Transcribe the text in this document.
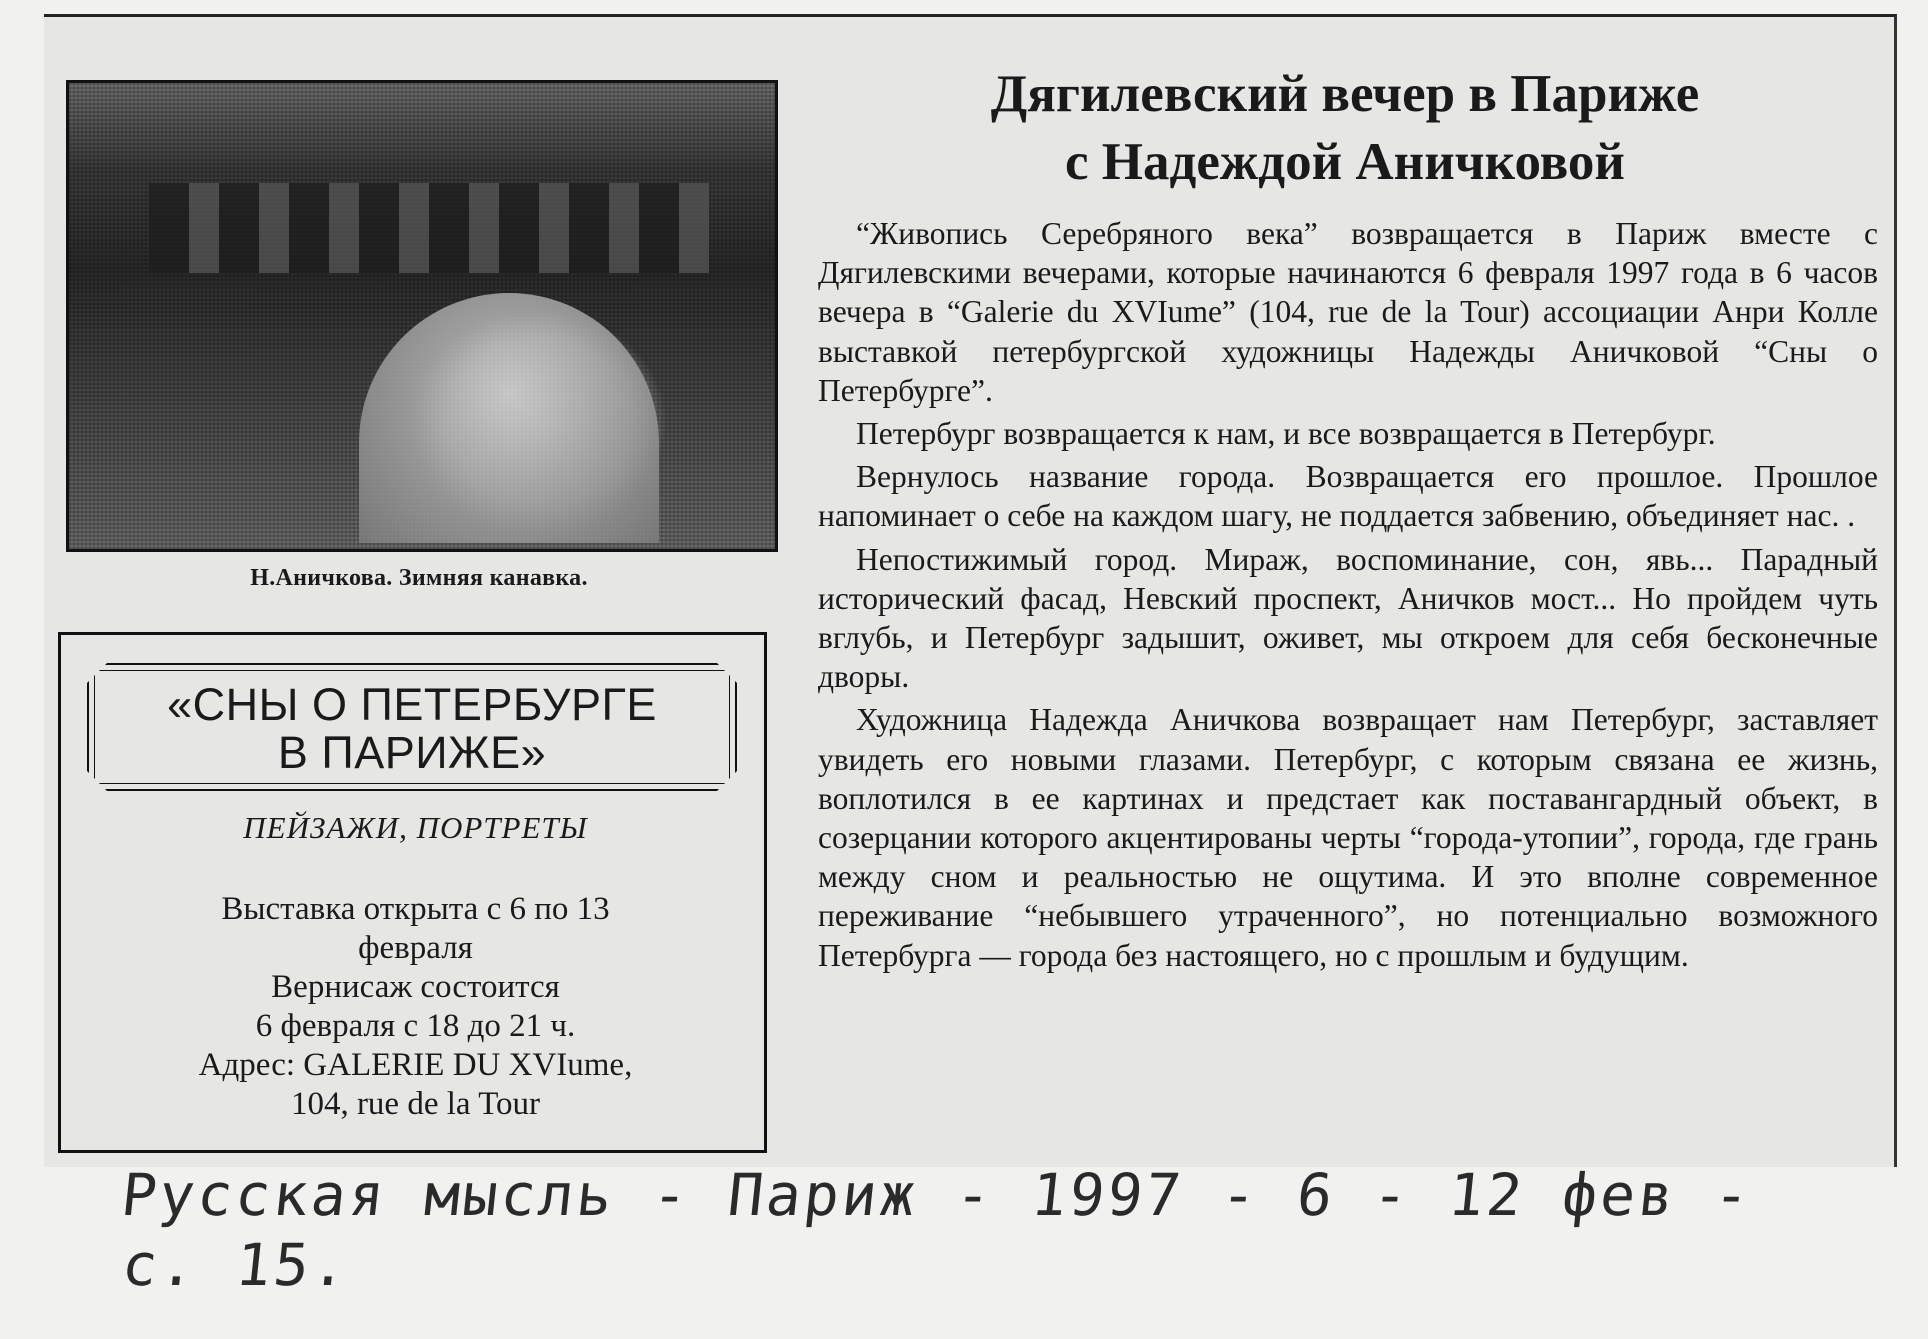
Н.Аничкова. Зимняя канавка.
«СНЫ О ПЕТЕРБУРГЕ
В ПАРИЖЕ»
ПЕЙЗАЖИ, ПОРТРЕТЫ
Выставка открыта с 6 по 13
февраля
Вернисаж состоится
6 февраля с 18 до 21 ч.
Адрес: GALERIE DU XVIume,
104, rue de la Tour
Дягилевский вечер в Париже
с Надеждой Аничковой

“Живопись Серебряного века” возвращается в Париж вместе с Дягилевскими вечерами, которые начинаются 6 февраля 1997 года в 6 часов вечера в “Galerie du XVIume” (104, rue de la Tour) ассоциации Анри Колле выставкой петербургской художницы Надежды Аничковой “Сны о Петербурге”.

Петербург возвращается к нам, и все возвращается в Петербург.

Вернулось название города. Возвращается его прошлое. Прошлое напоминает о себе на каждом шагу, не поддается забвению, объединяет нас. .

Непостижимый город. Мираж, воспоминание, сон, явь... Парадный исторический фасад, Невский проспект, Аничков мост... Но пройдем чуть вглубь, и Петербург задышит, оживет, мы откроем для себя бесконечные дворы.

Художница Надежда Аничкова возвращает нам Петербург, заставляет увидеть его новыми глазами. Петербург, с которым связана ее жизнь, воплотился в ее картинах и предстает как поставангардный объект, в созерцании которого акцентированы черты “города-утопии”, города, где грань между сном и реальностью не ощутима. И это вполне современное переживание “небывшего утраченного”, но потенциально возможного Петербурга — города без настоящего, но с прошлым и будущим.

Русская мысль - Париж - 1997 - 6 - 12 фев -
с. 15.
